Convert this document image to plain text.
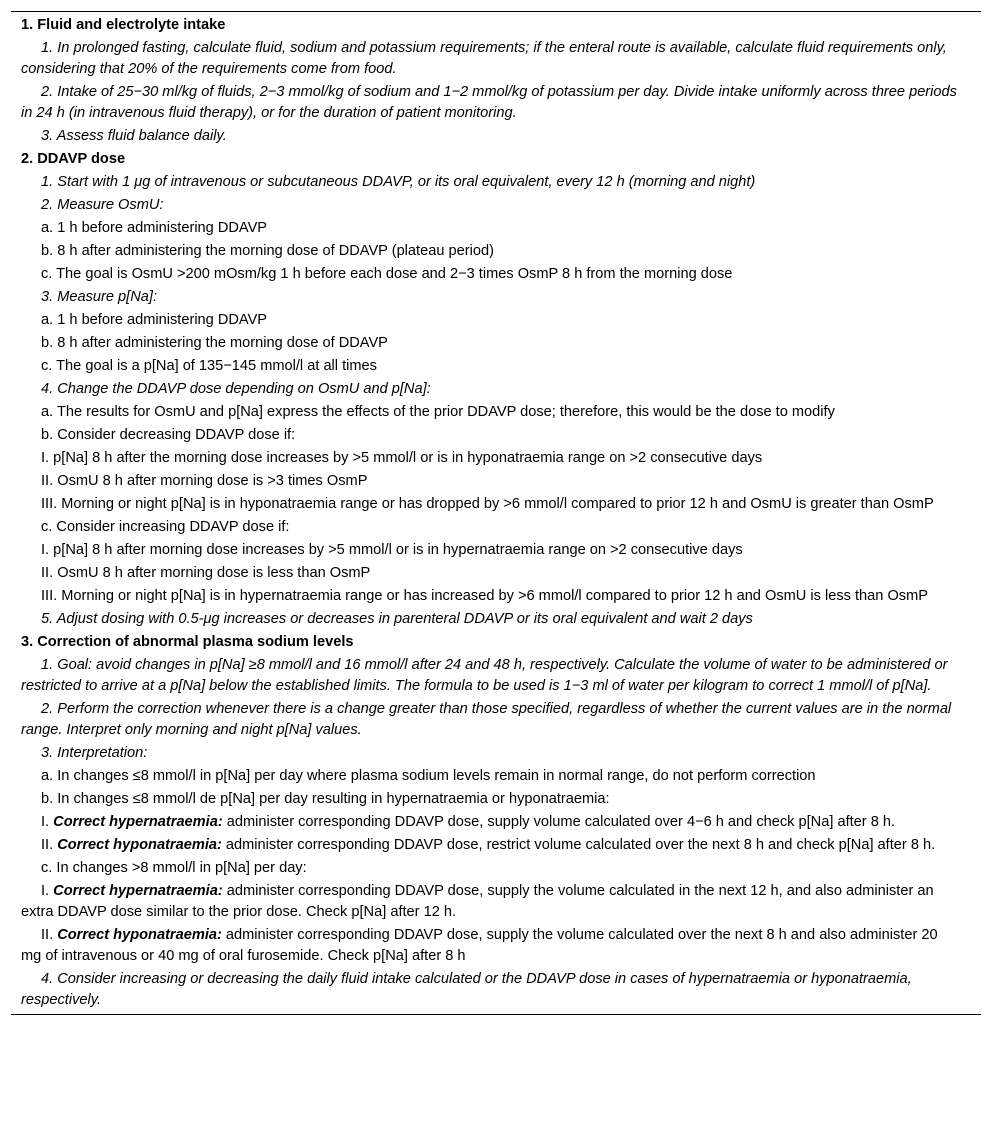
1. Fluid and electrolyte intake
1. In prolonged fasting, calculate fluid, sodium and potassium requirements; if the enteral route is available, calculate fluid requirements only, considering that 20% of the requirements come from food.
2. Intake of 25−30 ml/kg of fluids, 2−3 mmol/kg of sodium and 1−2 mmol/kg of potassium per day. Divide intake uniformly across three periods in 24 h (in intravenous fluid therapy), or for the duration of patient monitoring.
3. Assess fluid balance daily.
2. DDAVP dose
1. Start with 1 μg of intravenous or subcutaneous DDAVP, or its oral equivalent, every 12 h (morning and night)
2. Measure OsmU:
a. 1 h before administering DDAVP
b. 8 h after administering the morning dose of DDAVP (plateau period)
c. The goal is OsmU >200 mOsm/kg 1 h before each dose and 2−3 times OsmP 8 h from the morning dose
3. Measure p[Na]:
a. 1 h before administering DDAVP
b. 8 h after administering the morning dose of DDAVP
c. The goal is a p[Na] of 135−145 mmol/l at all times
4. Change the DDAVP dose depending on OsmU and p[Na]:
a. The results for OsmU and p[Na] express the effects of the prior DDAVP dose; therefore, this would be the dose to modify
b. Consider decreasing DDAVP dose if:
I. p[Na] 8 h after the morning dose increases by >5 mmol/l or is in hyponatraemia range on >2 consecutive days
II. OsmU 8 h after morning dose is >3 times OsmP
III. Morning or night p[Na] is in hyponatraemia range or has dropped by >6 mmol/l compared to prior 12 h and OsmU is greater than OsmP
c. Consider increasing DDAVP dose if:
I. p[Na] 8 h after morning dose increases by >5 mmol/l or is in hypernatraemia range on >2 consecutive days
II. OsmU 8 h after morning dose is less than OsmP
III. Morning or night p[Na] is in hypernatraemia range or has increased by >6 mmol/l compared to prior 12 h and OsmU is less than OsmP
5. Adjust dosing with 0.5-μg increases or decreases in parenteral DDAVP or its oral equivalent and wait 2 days
3. Correction of abnormal plasma sodium levels
1. Goal: avoid changes in p[Na] ≥8 mmol/l and 16 mmol/l after 24 and 48 h, respectively. Calculate the volume of water to be administered or restricted to arrive at a p[Na] below the established limits. The formula to be used is 1−3 ml of water per kilogram to correct 1 mmol/l of p[Na].
2. Perform the correction whenever there is a change greater than those specified, regardless of whether the current values are in the normal range. Interpret only morning and night p[Na] values.
3. Interpretation:
a. In changes ≤8 mmol/l in p[Na] per day where plasma sodium levels remain in normal range, do not perform correction
b. In changes ≤8 mmol/l de p[Na] per day resulting in hypernatraemia or hyponatraemia:
I. Correct hypernatraemia: administer corresponding DDAVP dose, supply volume calculated over 4−6 h and check p[Na] after 8 h.
II. Correct hyponatraemia: administer corresponding DDAVP dose, restrict volume calculated over the next 8 h and check p[Na] after 8 h.
c. In changes >8 mmol/l in p[Na] per day:
I. Correct hypernatraemia: administer corresponding DDAVP dose, supply the volume calculated in the next 12 h, and also administer an extra DDAVP dose similar to the prior dose. Check p[Na] after 12 h.
II. Correct hyponatraemia: administer corresponding DDAVP dose, supply the volume calculated over the next 8 h and also administer 20 mg of intravenous or 40 mg of oral furosemide. Check p[Na] after 8 h
4. Consider increasing or decreasing the daily fluid intake calculated or the DDAVP dose in cases of hypernatraemia or hyponatraemia, respectively.
